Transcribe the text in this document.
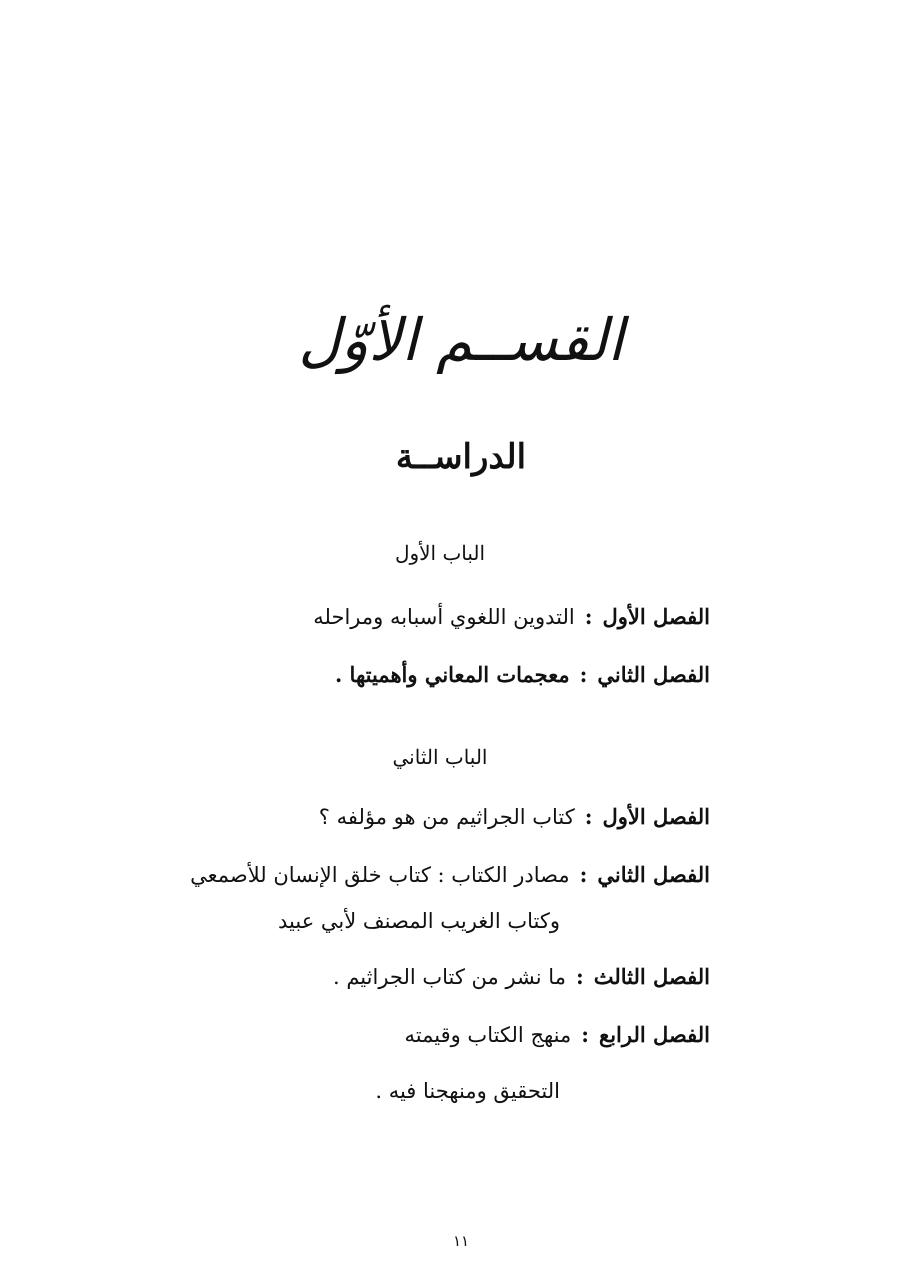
القســم الأوّل
الدراســة
الباب الأول
الفصل الأول:التدوين اللغوي أسبابه ومراحله
الفصل الثاني:معجمات المعاني وأهميتها .
الباب الثاني
الفصل الأول:كتاب الجراثيم من هو مؤلفه ؟
الفصل الثاني:مصادر الكتاب : كتاب خلق الإنسان للأصمعي
وكتاب الغريب المصنف لأبي عبيد
الفصل الثالث:ما نشر من كتاب الجراثيم .
الفصل الرابع:منهج الكتاب وقيمته
التحقيق ومنهجنا فيه .
١١
